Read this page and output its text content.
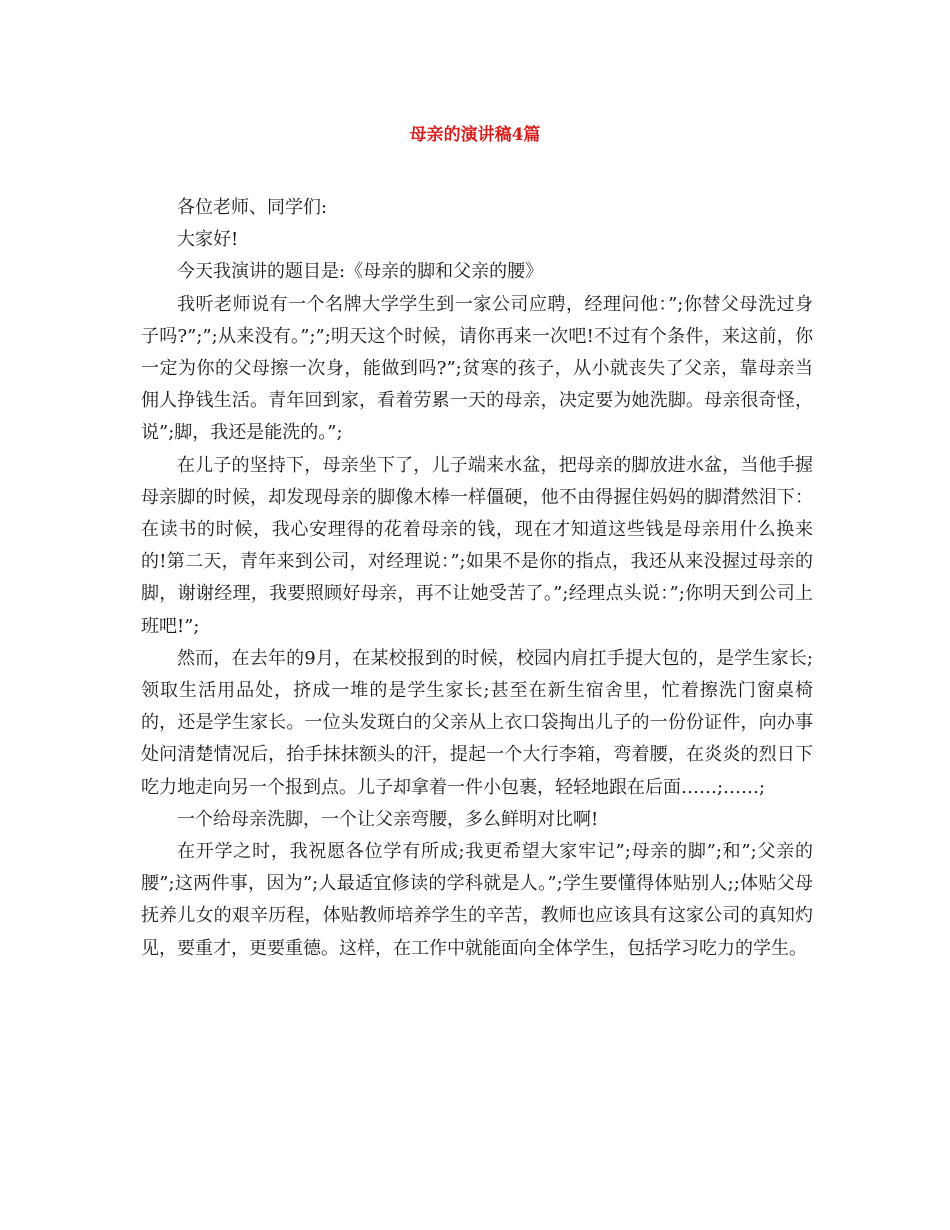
母亲的演讲稿4篇

各位老师、同学们:

大家好!

今天我演讲的题目是:《母亲的脚和父亲的腰》

我听老师说有一个名牌大学学生到一家公司应聘，经理问他：”;你替父母洗过身子吗?”;”;从来没有。”;”;明天这个时候，请你再来一次吧!不过有个条件，来这前，你一定为你的父母擦一次身，能做到吗?”;贫寒的孩子，从小就丧失了父亲，靠母亲当佣人挣钱生活。青年回到家，看着劳累一天的母亲，决定要为她洗脚。母亲很奇怪，说”;脚，我还是能洗的。”;

在儿子的坚持下，母亲坐下了，儿子端来水盆，把母亲的脚放进水盆，当他手握母亲脚的时候，却发现母亲的脚像木棒一样僵硬，他不由得握住妈妈的脚潸然泪下：在读书的时候，我心安理得的花着母亲的钱，现在才知道这些钱是母亲用什么换来的!第二天，青年来到公司，对经理说：”;如果不是你的指点，我还从来没握过母亲的脚，谢谢经理，我要照顾好母亲，再不让她受苦了。”;经理点头说：”;你明天到公司上班吧!”;

然而，在去年的9月，在某校报到的时候，校园内肩扛手提大包的，是学生家长;领取生活用品处，挤成一堆的是学生家长;甚至在新生宿舍里，忙着擦洗门窗桌椅的，还是学生家长。一位头发斑白的父亲从上衣口袋掏出儿子的一份份证件，向办事处问清楚情况后，抬手抹抹额头的汗，提起一个大行李箱，弯着腰，在炎炎的烈日下吃力地走向另一个报到点。儿子却拿着一件小包裹，轻轻地跟在后面……;……;

一个给母亲洗脚，一个让父亲弯腰，多么鲜明对比啊!

在开学之时，我祝愿各位学有所成;我更希望大家牢记”;母亲的脚”;和”;父亲的腰”;这两件事，因为”;人最适宜修读的学科就是人。”;学生要懂得体贴别人;;体贴父母抚养儿女的艰辛历程，体贴教师培养学生的辛苦，教师也应该具有这家公司的真知灼见，要重才，更要重德。这样，在工作中就能面向全体学生，包括学习吃力的学生。
